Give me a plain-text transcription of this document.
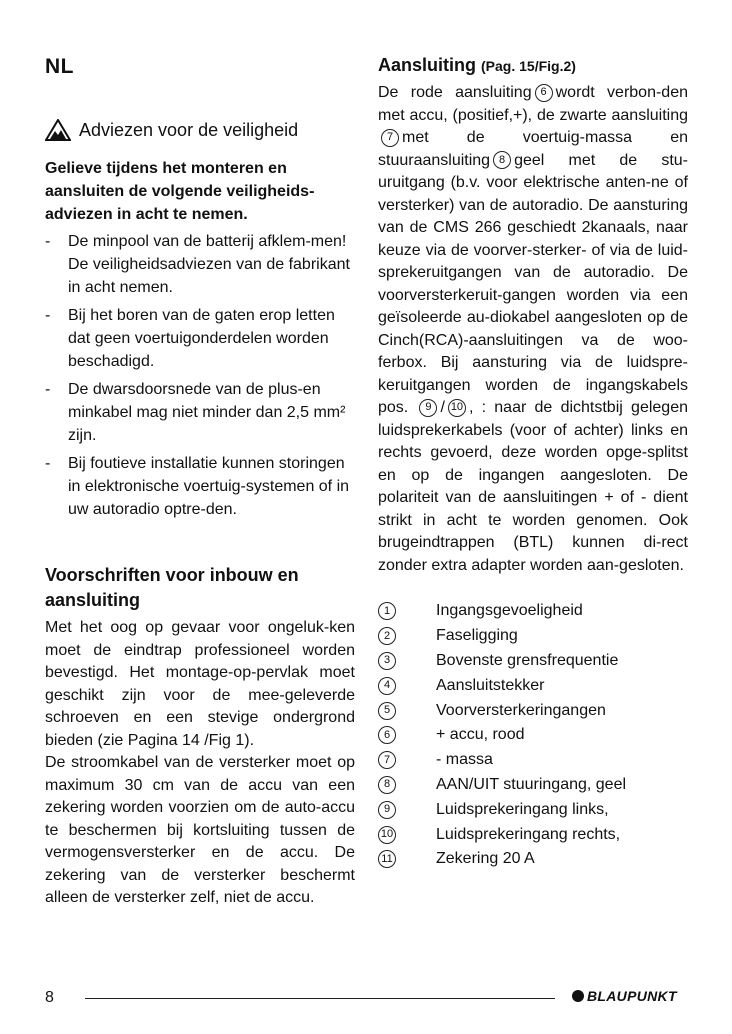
NL

Adviezen voor de veiligheid
Gelieve tijdens het monteren en aansluiten de volgende veiligheids-adviezen in acht te nemen.
- De minpool van de batterij afklem-men! De veiligheidsadviezen van de fabrikant in acht nemen.
- Bij het boren van de gaten erop letten dat geen voertuigonderdelen worden beschadigd.
- De dwarsdoorsnede van de plus-en minkabel mag niet minder dan 2,5 mm² zijn.
- Bij foutieve installatie kunnen storingen in elektronische voertuig-systemen of in uw autoradio optre-den.
Voorschriften voor inbouw en aansluiting

Met het oog op gevaar voor ongeluk-ken moet de eindtrap professioneel worden bevestigd. Het montage-op-pervlak moet geschikt zijn voor de mee-geleverde schroeven en een stevige ondergrond bieden (zie Pagina 14 /Fig 1).

De stroomkabel van de versterker moet op maximum 30 cm van de accu van een zekering worden voorzien om de auto-accu te beschermen bij kortsluiting tussen de vermogensversterker en de accu. De zekering van de versterker beschermt alleen de versterker zelf, niet de accu.

Aansluiting (Pag. 15/Fig.2)

De rode aansluiting 6 wordt verbon-den met accu, (positief,+), de zwarte aansluiting7 met de voertuig-massa en stuuraansluiting 8 geel met de stu-uruitgang (b.v. voor elektrische anten-ne of versterker) van de autoradio. De aansturing van de CMS 266 geschiedt 2kanaals, naar keuze via de voorver-sterker- of via de luid-sprekeruitgangen van de autoradio. De voorversterkeruit-gangen worden via een geïsoleerde au-diokabel aangesloten op de Cinch(RCA)-aansluitingen va de woo-ferbox. Bij aansturing via de luidspre-keruitgangen worden de ingangskabels pos. 9 / 10 , : naar de dichtstbij gelegen luidsprekerkabels (voor of achter) links en rechts gevoerd, deze worden opge-splitst en op de ingangen aangesloten. De polariteit van de aansluitingen + of - dient strikt in acht te worden genomen. Ook brugeindtrappen (BTL) kunnen di-rect zonder extra adapter worden aan-gesloten.

1	Ingangsgevoeligheid
2	Faseligging
3	Bovenste grensfrequentie
4	Aansluitstekker
5	Voorversterkeringangen
6	+ accu, rood
7	- massa
8	AAN/UIT stuuringang, geel
9	Luidsprekeringang links,
10	Luidsprekeringang rechts,
11	Zekering 20 A
8	BLAUPUNKT
